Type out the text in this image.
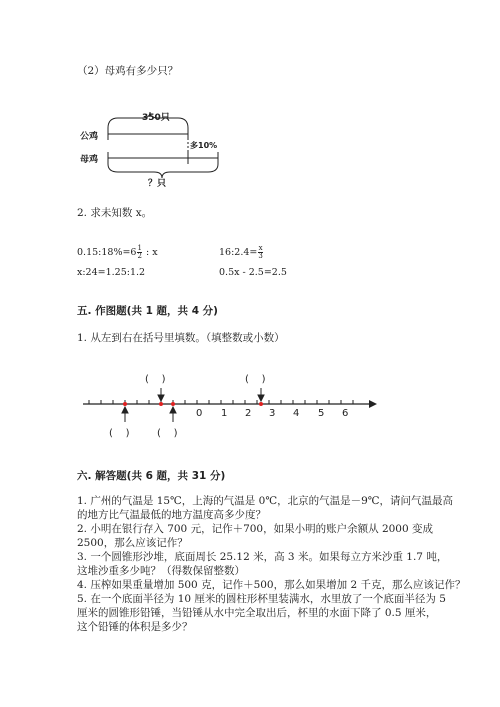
（2）母鸡有多少只？
350只
多10%
？只
公鸡
母鸡
2. 求未知数 x。
0.15:18%=6 $\frac{1}{2}$ : x	16:2.4= $\frac{x}{3}$
x:24=1.25:1.2	0.5x - 2.5=2.5
五. 作图题(共 1 题，共 4 分)
1. 从左到右在括号里填数。（填整数或小数）
0 1 2 3 4 5 6
(    )	(    )
(    )	(    )
六. 解答题(共 6 题，共 31 分)
1. 广州的气温是 15℃，上海的气温是 0℃，北京的气温是－9℃，请问气温最高
的地方比气温最低的地方温度高多少度？
2. 小明在银行存入 700 元，记作＋700，如果小明的账户余额从 2000 变成
2500，那么应该记作？
3. 一个圆锥形沙堆，底面周长 25.12 米，高 3 米。如果每立方米沙重 1.7 吨，
这堆沙重多少吨？（得数保留整数）
4. 压榨如果重量增加 500 克，记作＋500，那么如果增加 2 千克，那么应该记作？
5. 在一个底面半径为 10 厘米的圆柱形杯里装满水，水里放了一个底面半径为 5
厘米的圆锥形铅锤，当铅锤从水中完全取出后，杯里的水面下降了 0.5 厘米，
这个铅锤的体积是多少？
